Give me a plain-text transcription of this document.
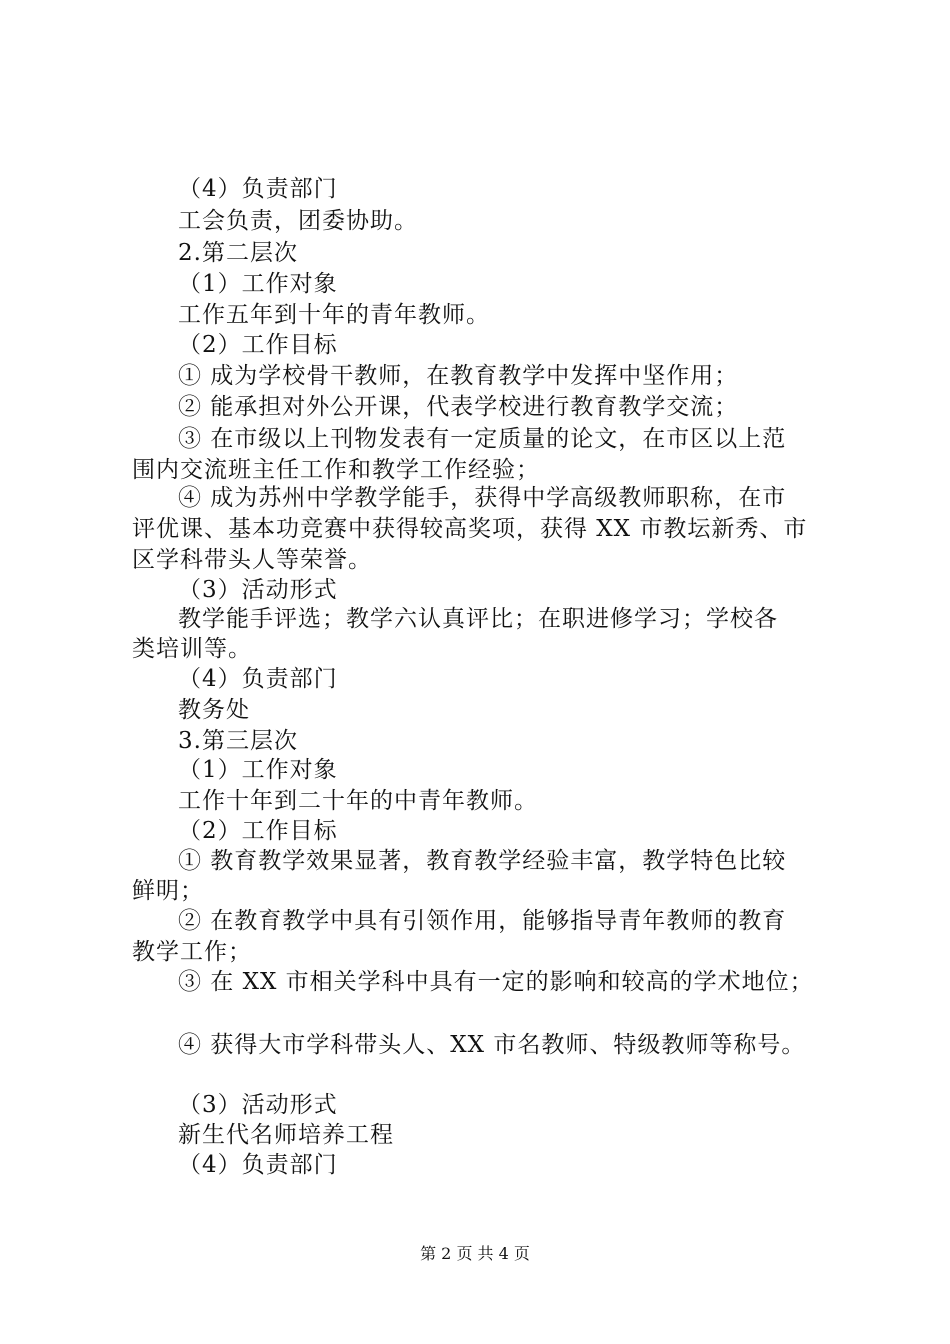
（4）负责部门
工会负责，团委协助。
2.第二层次
（1）工作对象
工作五年到十年的青年教师。
（2）工作目标
① 成为学校骨干教师，在教育教学中发挥中坚作用；
② 能承担对外公开课，代表学校进行教育教学交流；
③ 在市级以上刊物发表有一定质量的论文，在市区以上范
围内交流班主任工作和教学工作经验；
④ 成为苏州中学教学能手，获得中学高级教师职称，在市
评优课、基本功竞赛中获得较高奖项，获得 XX 市教坛新秀、市
区学科带头人等荣誉。
（3）活动形式
教学能手评选；教学六认真评比；在职进修学习；学校各
类培训等。
（4）负责部门
教务处
3.第三层次
（1）工作对象
工作十年到二十年的中青年教师。
（2）工作目标
① 教育教学效果显著，教育教学经验丰富，教学特色比较
鲜明；
② 在教育教学中具有引领作用，能够指导青年教师的教育
教学工作；
③ 在 XX 市相关学科中具有一定的影响和较高的学术地位；
④ 获得大市学科带头人、XX 市名教师、特级教师等称号。
（3）活动形式
新生代名师培养工程
（4）负责部门
第 2 页 共 4 页
